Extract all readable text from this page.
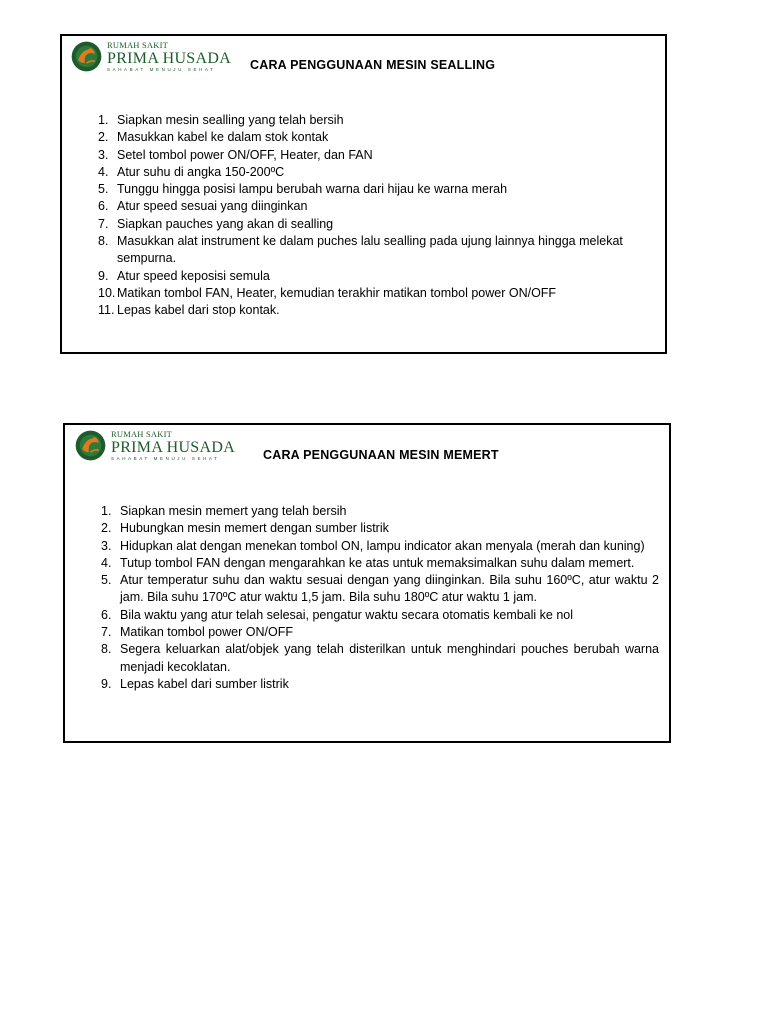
RUMAH SAKIT
PRIMA HUSADA
SAHABAT MENUJU SEHAT	CARA PENGGUNAAN MESIN SEALLING
1. Siapkan mesin sealling yang telah bersih
2. Masukkan kabel ke dalam stok kontak
3. Setel tombol power ON/OFF, Heater, dan FAN
4. Atur suhu di angka 150-200ºC
5. Tunggu hingga posisi lampu berubah warna dari hijau ke warna merah
6. Atur speed sesuai yang diinginkan
7. Siapkan pauches yang akan di sealling
8. Masukkan alat instrument ke dalam puches lalu sealling pada ujung lainnya hingga melekat sempurna.
9. Atur speed keposisi semula
10. Matikan tombol FAN, Heater, kemudian terakhir matikan tombol power ON/OFF
11. Lepas kabel dari stop kontak.
RUMAH SAKIT
PRIMA HUSADA
SAHABAT MENUJU SEHAT	CARA PENGGUNAAN MESIN MEMERT
1. Siapkan mesin memert yang telah bersih
2. Hubungkan mesin memert dengan sumber listrik
3. Hidupkan alat dengan menekan tombol ON, lampu indicator akan menyala (merah dan kuning)
4. Tutup tombol FAN dengan mengarahkan ke atas untuk memaksimalkan suhu dalam memert.
5. Atur temperatur suhu dan waktu sesuai dengan yang diinginkan. Bila suhu 160ºC, atur waktu 2 jam. Bila suhu 170ºC atur waktu 1,5 jam. Bila suhu 180ºC atur waktu 1 jam.
6. Bila waktu yang atur telah selesai, pengatur waktu secara otomatis kembali ke nol
7. Matikan tombol power ON/OFF
8. Segera keluarkan alat/objek yang telah disterilkan untuk menghindari pouches berubah warna menjadi kecoklatan.
9. Lepas kabel dari sumber listrik
